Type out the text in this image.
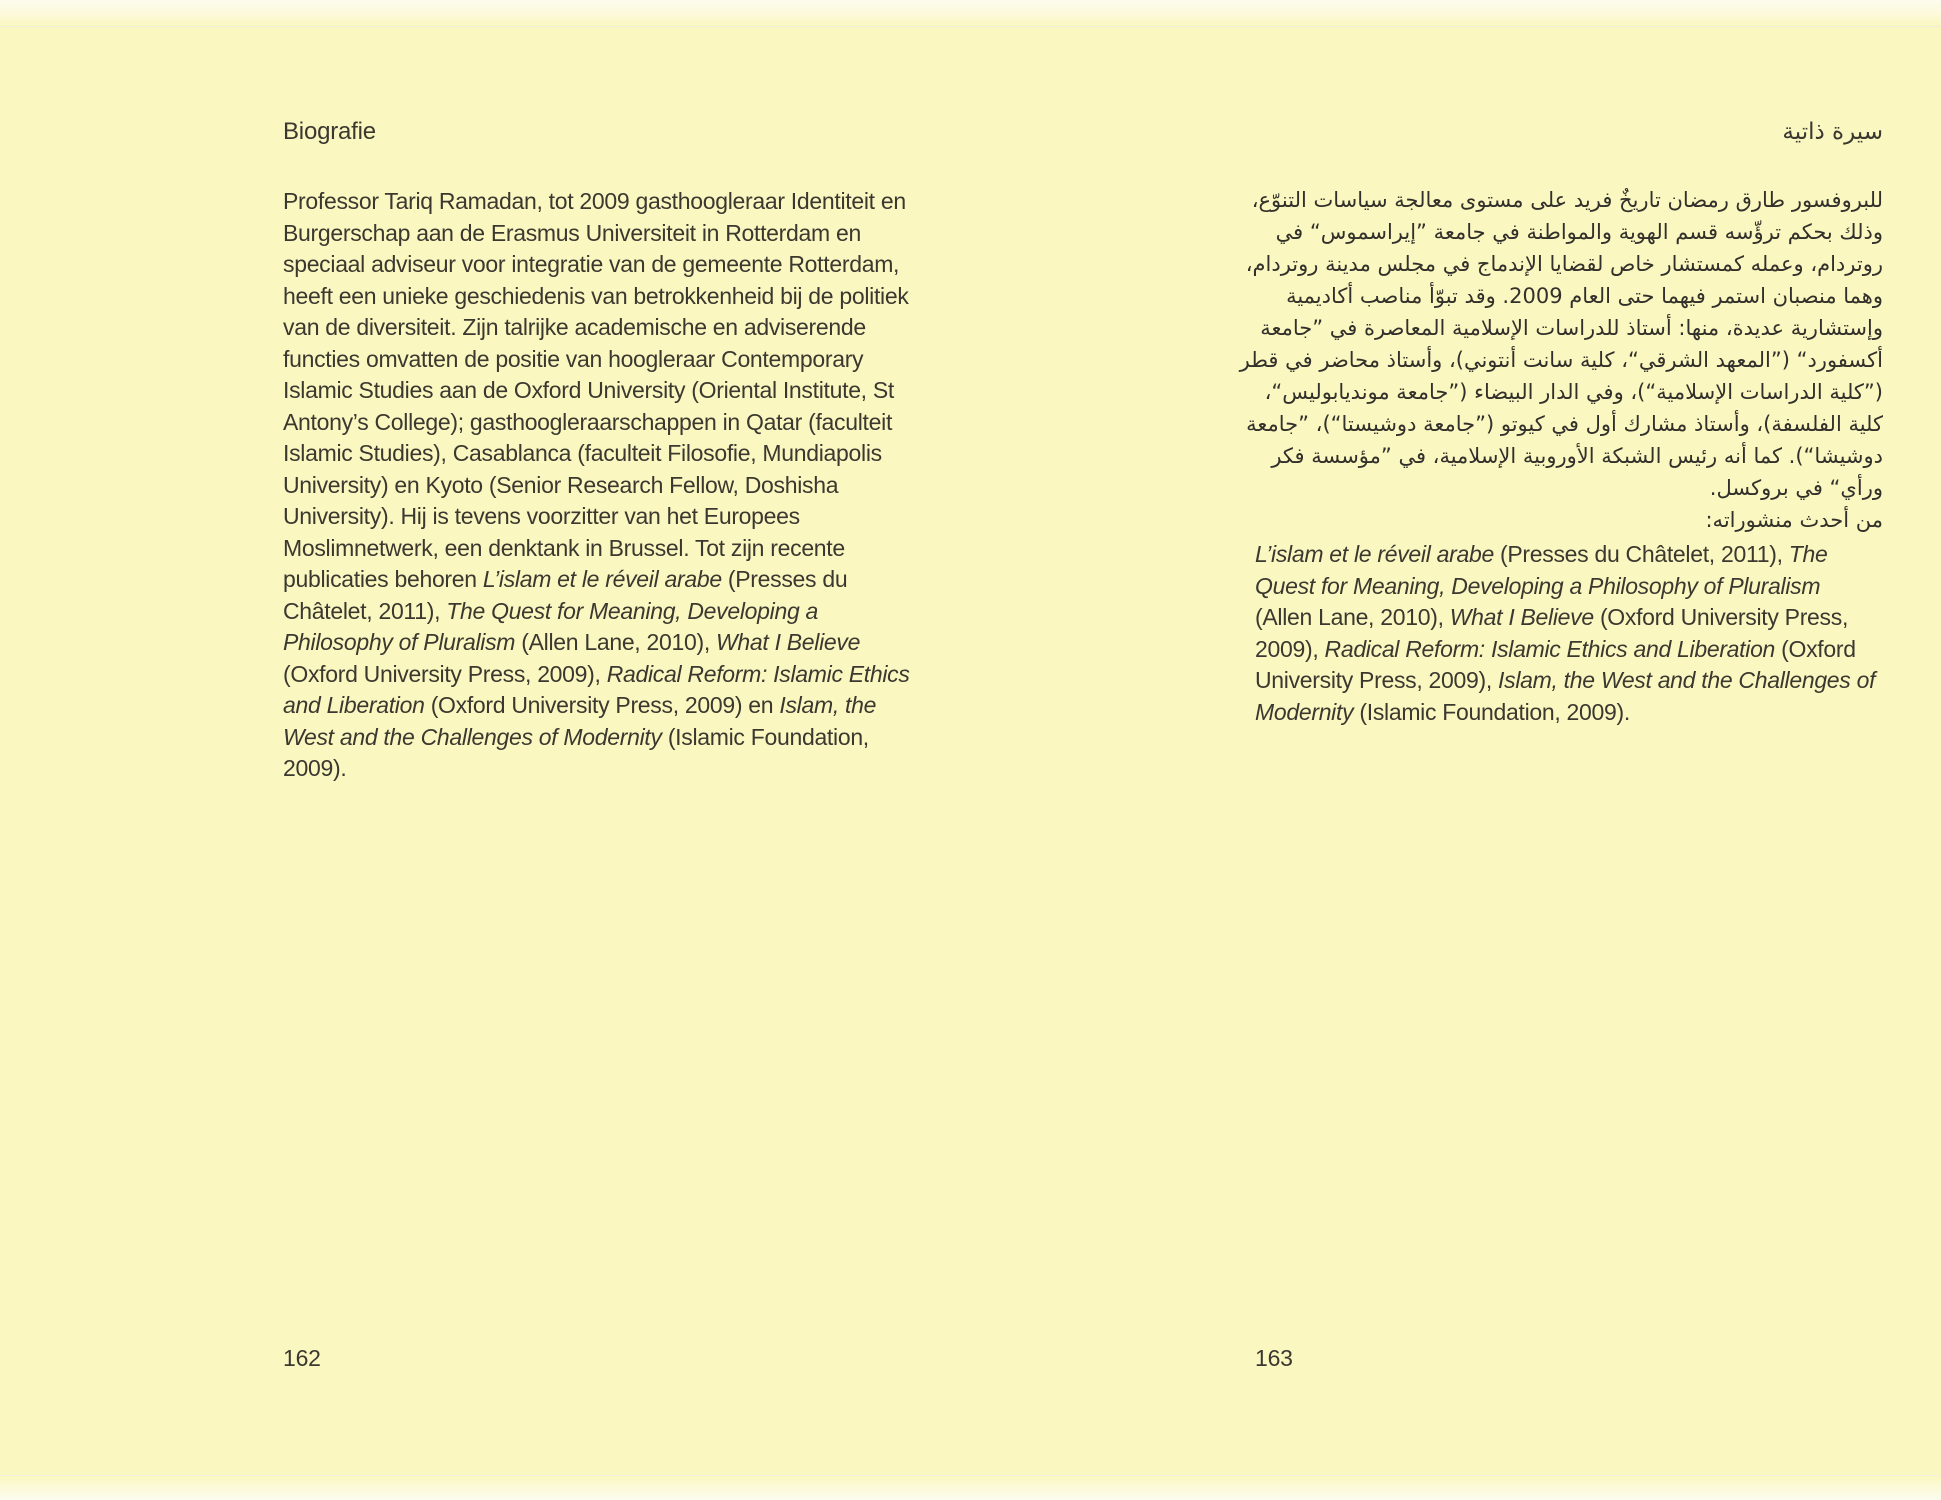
Biografie

Professor Tariq Ramadan, tot 2009 gasthoogleraar Identiteit en Burgerschap aan de Erasmus Universiteit in Rotterdam en speciaal adviseur voor integratie van de gemeente Rotterdam, heeft een unieke geschiedenis van betrokkenheid bij de politiek van de diversiteit. Zijn talrijke academische en adviserende functies omvatten de positie van hoogleraar Contemporary Islamic Studies aan de Oxford University (Oriental Institute, St Antony’s College); gasthoogleraarschappen in Qatar (faculteit Islamic Studies), Casablanca (faculteit Filosofie, Mundiapolis University) en Kyoto (Senior Research Fellow, Doshisha University). Hij is tevens voorzitter van het Europees Moslimnetwerk, een denktank in Brussel. Tot zijn recente publicaties behoren L’islam et le réveil arabe (Presses du Châtelet, 2011), The Quest for Meaning, Developing a Philosophy of Pluralism (Allen Lane, 2010), What I Believe (Oxford University Press, 2009), Radical Reform: Islamic Ethics and Liberation (Oxford University Press, 2009) en Islam, the West and the Challenges of Modernity (Islamic Foundation, 2009).

سيرة ذاتية
للبروفسور طارق رمضان تاريخٌ فريد على مستوى معالجة سياسات التنوّع،
وذلك بحكم ترؤّسه قسم الهوية والمواطنة في جامعة ”إيراسموس“ في
روتردام، وعمله كمستشار خاص لقضايا الإندماج في مجلس مدينة روتردام،
وهما منصبان استمر فيهما حتى العام 2009. وقد تبوّأ مناصب أكاديمية
وإستشارية عديدة، منها: أستاذ للدراسات الإسلامية المعاصرة في ”جامعة
أكسفورد“ (”المعهد الشرقي“، كلية سانت أنتوني)، وأستاذ محاضر في قطر
(”كلية الدراسات الإسلامية“)، وفي الدار البيضاء (”جامعة مونديابوليس“،
كلية الفلسفة)، وأستاذ مشارك أول في كيوتو (”جامعة دوشيستا“)، ”جامعة
دوشيشا“). كما أنه رئيس الشبكة الأوروبية الإسلامية، في ”مؤسسة فكر
ورأي“ في بروكسل.
من أحدث منشوراته:

L’islam et le réveil arabe (Presses du Châtelet, 2011), The Quest for Meaning, Developing a Philosophy of Pluralism (Allen Lane, 2010), What I Believe (Oxford University Press, 2009), Radical Reform: Islamic Ethics and Liberation (Oxford University Press, 2009), Islam, the West and the Challenges of Modernity (Islamic Foundation, 2009).

162	163
